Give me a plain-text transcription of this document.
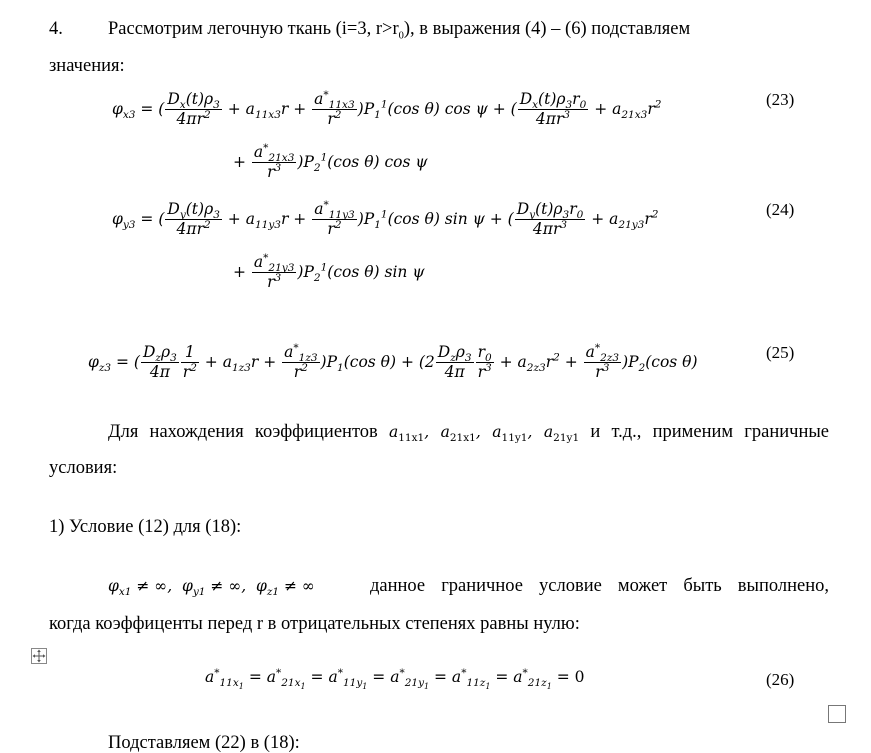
4. Рассмотрим легочную ткань (i=3, $r>r_0$), в выражения (4) – (6) подставляем
значения:
$\varphi_{x3}$ = ( $\frac{D_x(t)\rho_3}{4\pi r^2} + a_{11x3}r + \frac{a^*_{11x3}}{r^2} )P_1^1(\cos$ θ) cos ψ + ( $\frac{D_x(t)\rho_3r_0}{4\pi r^3} + a_{21x3}r^2$	(23)
+ $\frac{a^*_{21x3}}{r^3} )P_2^1(\cos$ θ) cos ψ
$\varphi_{y3}$ = ( $\frac{D_y(t)\rho_3}{4\pi r^2} + a_{11y3}r + \frac{a^*_{11y3}}{r^2} )P_1^1(\cos$ θ) sin ψ + ( $\frac{D_y(t)\rho_3r_0}{4\pi r^3} + a_{21y3}r^2$	(24)
+ $\frac{a^*_{21y3}}{r^3} )P_2^1(\cos$ θ) sin ψ
$\varphi_{z3}$ = ( $\frac{D_z\rho_3}{4\pi} \frac{1}{r^2} + a_{1z3}r + \frac{a^*_{1z3}}{r^2} )P_1(\cos$ $\theta) + (2 \frac{D_z\rho_3}{4\pi} \frac{r_0}{r^3} + a_{2z3}r^2 + \frac{a^*_{2z3}}{r^3} )P_2(\cos$ θ)	(25)
Для нахождения коэффициентов $a_{11x1}$, $a_{21x1}$, $a_{11y1}$, $a_{21y1}$ и т.д., применим граничные
условия:
1) Условие (12) для (18):
$\varphi_{x1}$ ≠ ∞,  $\varphi_{y1}$ ≠ ∞,  $\varphi_{z1}$ ≠ ∞	данное граничное условие может быть выполнено,
когда коэффиценты перед r в отрицательных степенях равны нулю:
$a^*_{11x_1} = a^*_{21x_1} = a^*_{11y_1} = a^*_{21y_1} = a^*_{11z_1} = a^*_{21z_1} = 0$	(26)
Подставляем (22) в (18):
